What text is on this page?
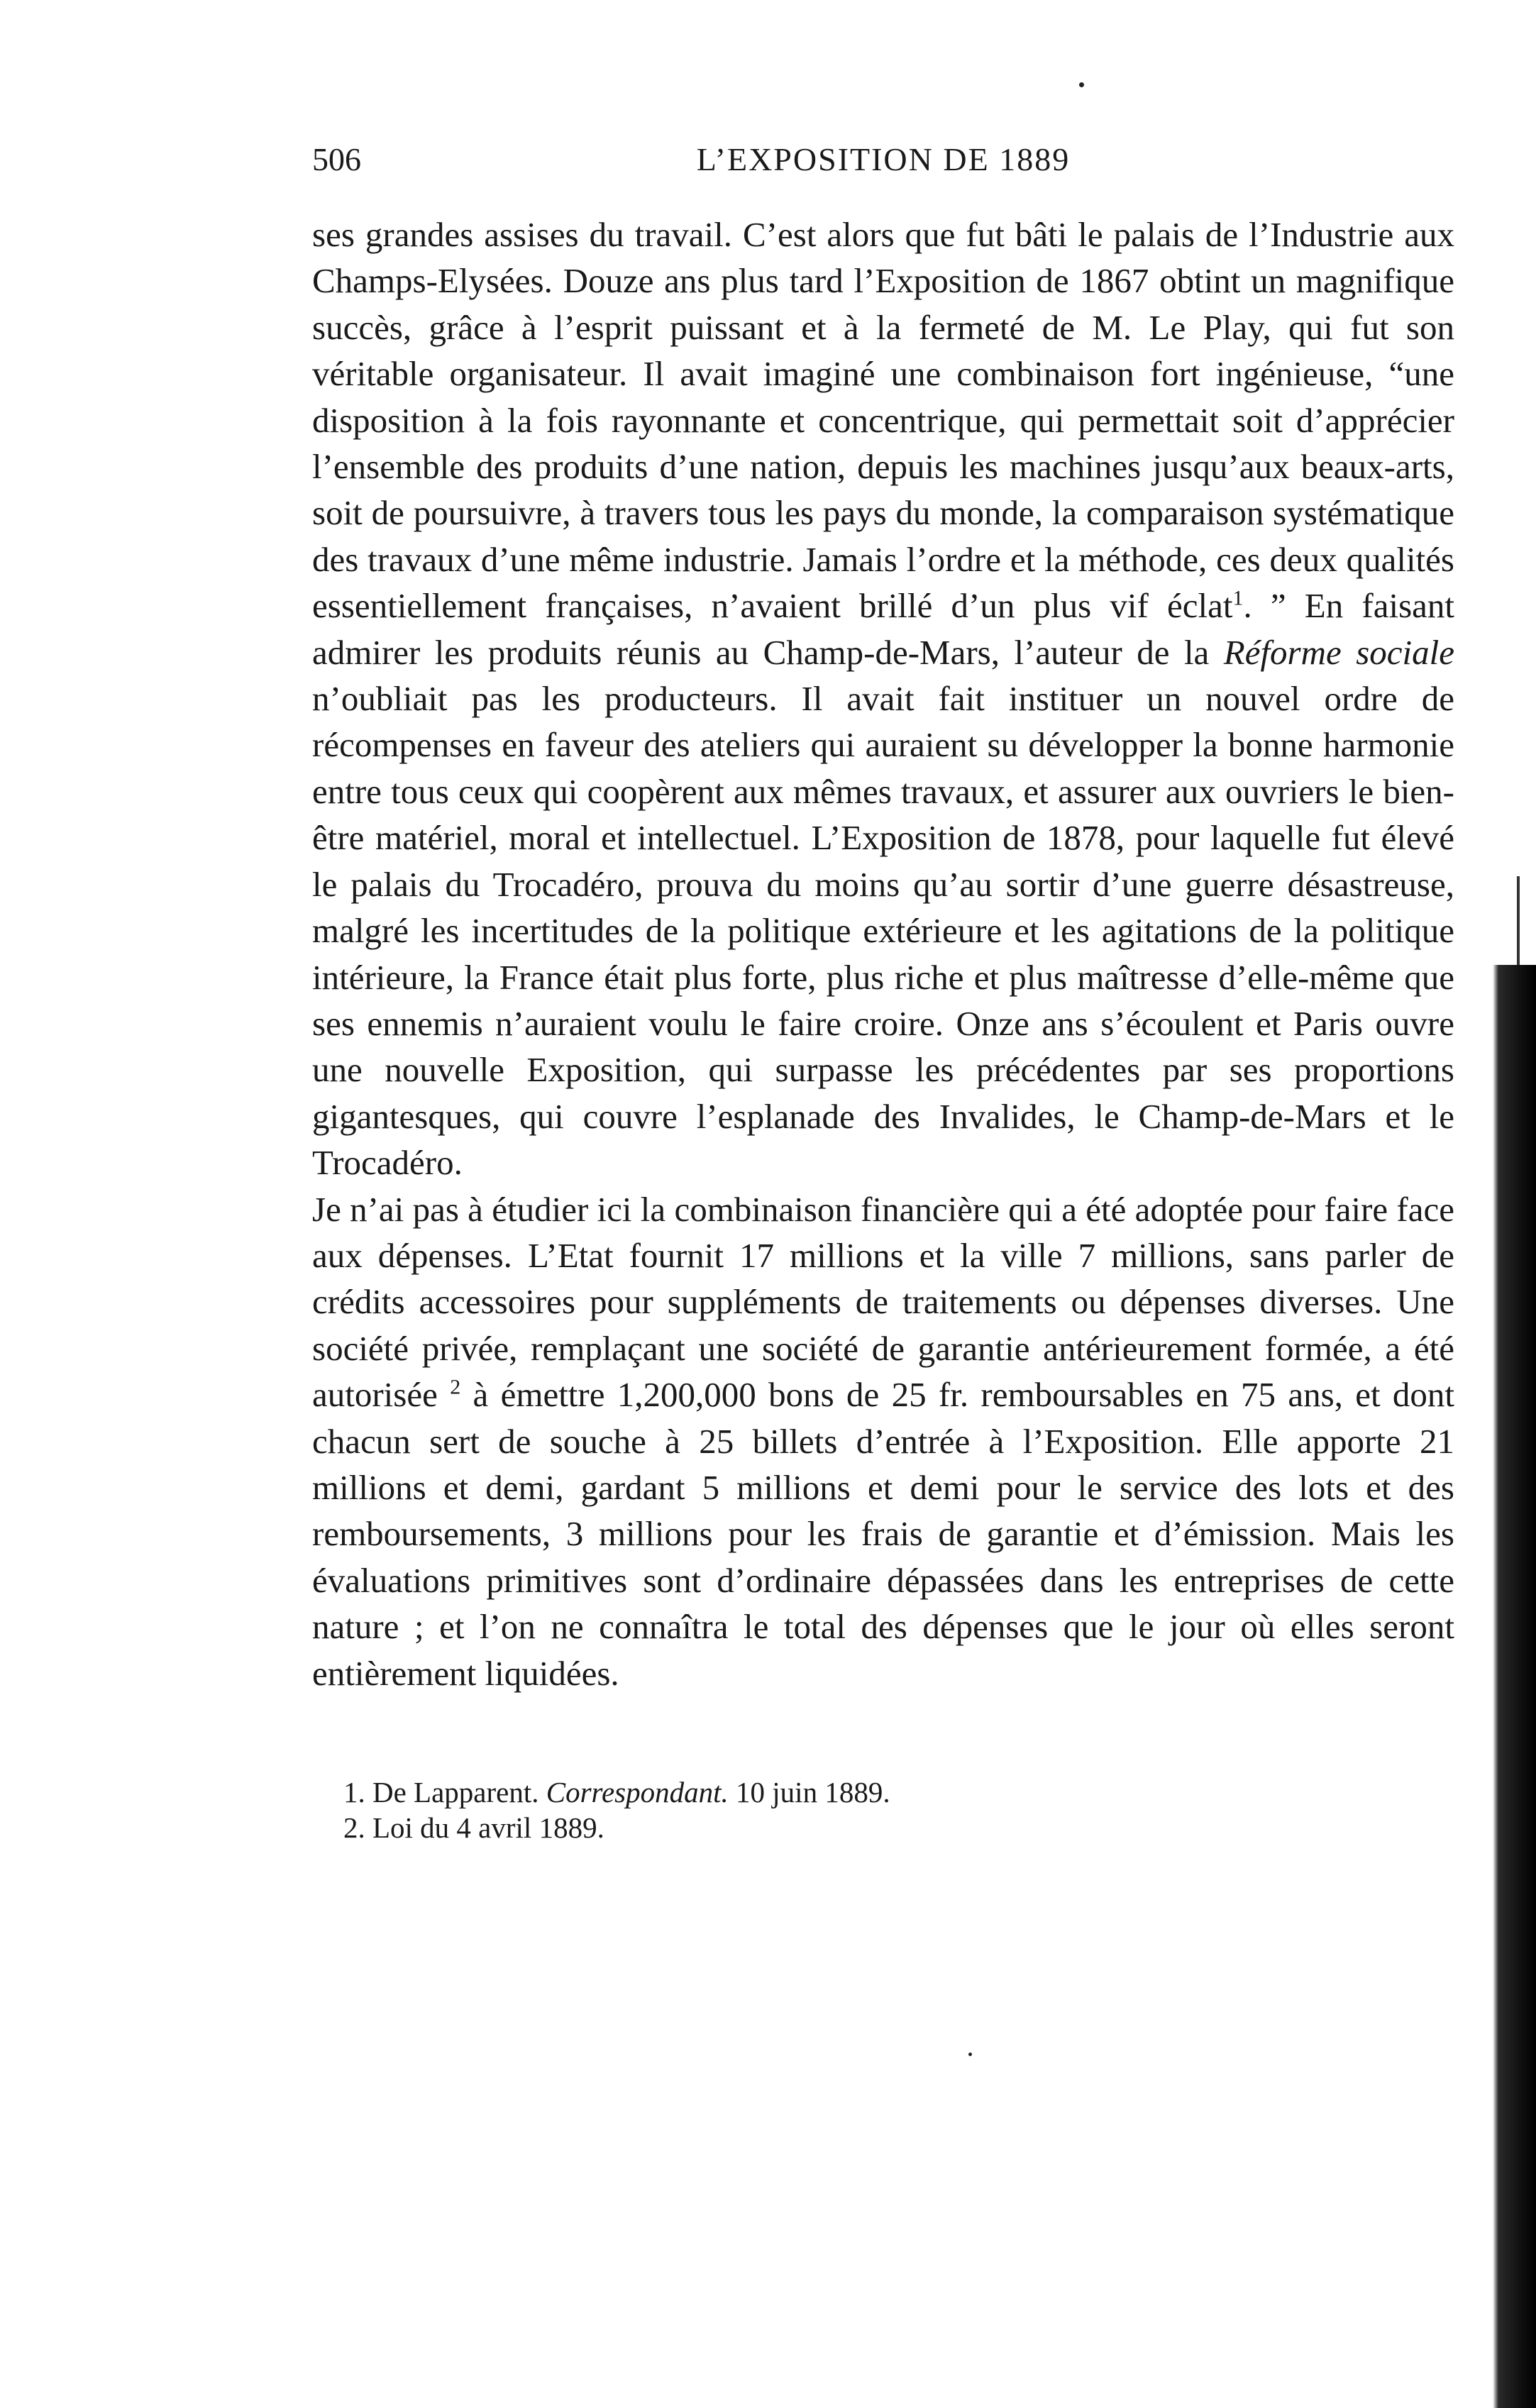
506	L’EXPOSITION DE 1889

ses grandes assises du travail. C’est alors que fut bâti le palais de l’Industrie aux Champs-Elysées. Douze ans plus tard l’Exposition de 1867 obtint un magnifique succès, grâce à l’esprit puissant et à la fermeté de M. Le Play, qui fut son véritable organisateur. Il avait imaginé une combinaison fort ingénieuse, “une disposition à la fois rayonnante et concentrique, qui permettait soit d’apprécier l’ensemble des produits d’une nation, depuis les machines jusqu’aux beaux-arts, soit de poursuivre, à travers tous les pays du monde, la comparaison systématique des travaux d’une même industrie. Jamais l’ordre et la méthode, ces deux qualités essentiellement françaises, n’avaient brillé d’un plus vif éclat$^1$. ” En faisant admirer les produits réunis au Champ-de-Mars, l’auteur de la Réforme sociale n’oubliait pas les producteurs. Il avait fait instituer un nouvel ordre de récompenses en faveur des ateliers qui auraient su développer la bonne harmonie entre tous ceux qui coopèrent aux mêmes travaux, et assurer aux ouvriers le bien-être matériel, moral et intellectuel. L’Exposition de 1878, pour laquelle fut élevé le palais du Trocadéro, prouva du moins qu’au sortir d’une guerre désastreuse, malgré les incertitudes de la politique extérieure et les agitations de la politique intérieure, la France était plus forte, plus riche et plus maîtresse d’elle-même que ses ennemis n’auraient voulu le faire croire. Onze ans s’écoulent et Paris ouvre une nouvelle Exposition, qui surpasse les précédentes par ses proportions gigantesques, qui couvre l’esplanade des Invalides, le Champ-de-Mars et le Trocadéro.

Je n’ai pas à étudier ici la combinaison financière qui a été adoptée pour faire face aux dépenses. L’Etat fournit 17 millions et la ville 7 millions, sans parler de crédits accessoires pour suppléments de traitements ou dépenses diverses. Une société privée, remplaçant une société de garantie antérieurement formée, a été autorisée $^2$ à émettre 1,200,000 bons de 25 fr. remboursables en 75 ans, et dont chacun sert de souche à 25 billets d’entrée à l’Exposition. Elle apporte 21 millions et demi, gardant 5 millions et demi pour le service des lots et des remboursements, 3 millions pour les frais de garantie et d’émission. Mais les évaluations primitives sont d’ordinaire dépassées dans les entreprises de cette nature ; et l’on ne connaîtra le total des dépenses que le jour où elles seront entièrement liquidées.

1. De Lapparent. Correspondant. 10 juin 1889.

2. Loi du 4 avril 1889.
